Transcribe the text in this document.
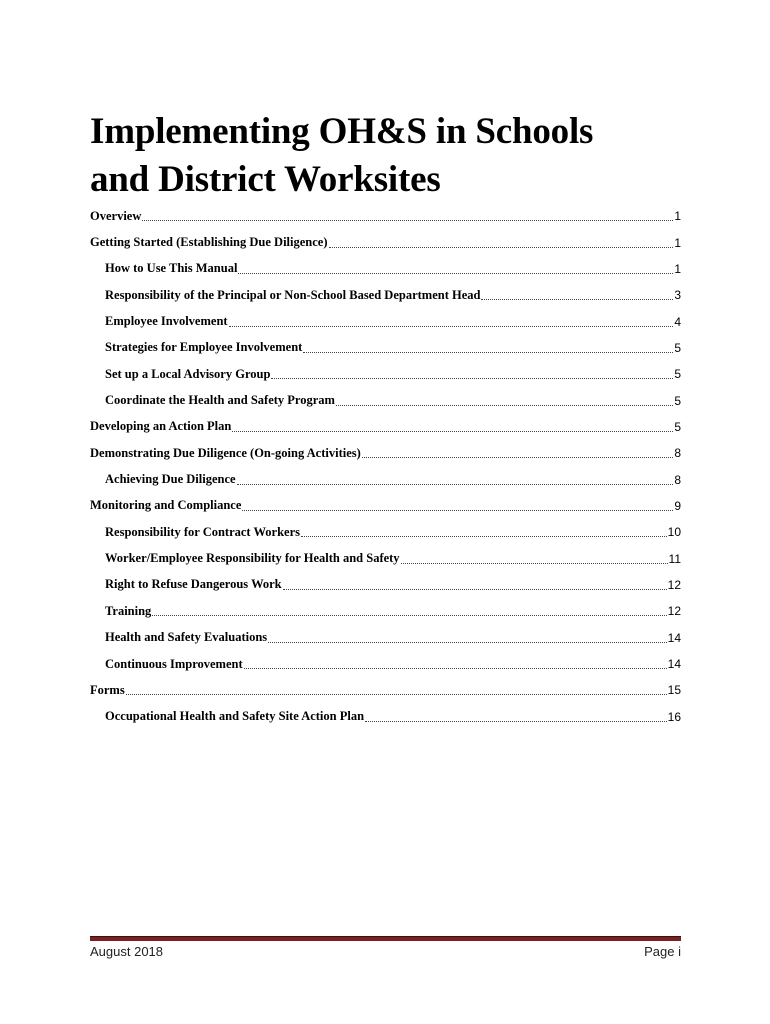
Implementing OH&S in Schools
and District Worksites
Overview	1
Getting Started (Establishing Due Diligence)	1
How to Use This Manual	1
Responsibility of the Principal or Non-School Based Department Head	3
Employee Involvement	4
Strategies for Employee Involvement	5
Set up a Local Advisory Group	5
Coordinate the Health and Safety Program	5
Developing an Action Plan	5
Demonstrating Due Diligence (On-going Activities)	8
Achieving Due Diligence	8
Monitoring and Compliance	9
Responsibility for Contract Workers	10
Worker/Employee Responsibility for Health and Safety	11
Right to Refuse Dangerous Work	12
Training	12
Health and Safety Evaluations	14
Continuous Improvement	14
Forms	15
Occupational Health and Safety Site Action Plan	16
August 2018	Page i
